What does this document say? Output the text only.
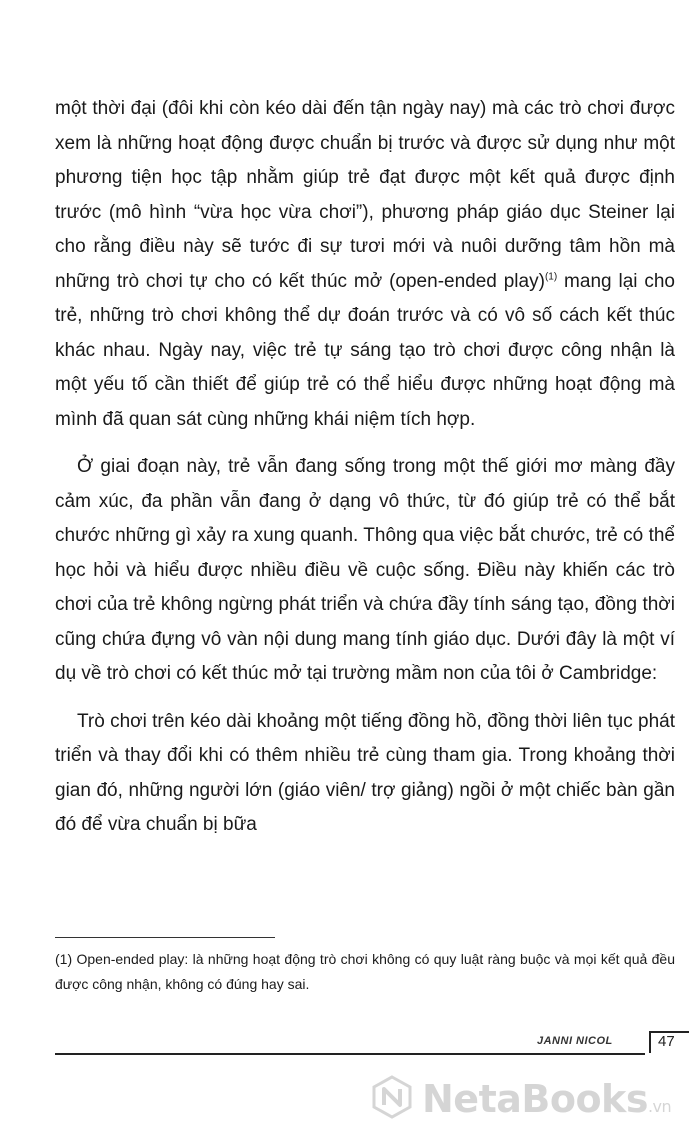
một thời đại (đôi khi còn kéo dài đến tận ngày nay) mà các trò chơi được xem là những hoạt động được chuẩn bị trước và được sử dụng như một phương tiện học tập nhằm giúp trẻ đạt được một kết quả được định trước (mô hình “vừa học vừa chơi”), phương pháp giáo dục Steiner lại cho rằng điều này sẽ tước đi sự tươi mới và nuôi dưỡng tâm hồn mà những trò chơi tự cho có kết thúc mở (open-ended play)$^{(1)}$ mang lại cho trẻ, những trò chơi không thể dự đoán trước và có vô số cách kết thúc khác nhau. Ngày nay, việc trẻ tự sáng tạo trò chơi được công nhận là một yếu tố cần thiết để giúp trẻ có thể hiểu được những hoạt động mà mình đã quan sát cùng những khái niệm tích hợp.

Ở giai đoạn này, trẻ vẫn đang sống trong một thế giới mơ màng đầy cảm xúc, đa phần vẫn đang ở dạng vô thức, từ đó giúp trẻ có thể bắt chước những gì xảy ra xung quanh. Thông qua việc bắt chước, trẻ có thể học hỏi và hiểu được nhiều điều về cuộc sống. Điều này khiến các trò chơi của trẻ không ngừng phát triển và chứa đầy tính sáng tạo, đồng thời cũng chứa đựng vô vàn nội dung mang tính giáo dục. Dưới đây là một ví dụ về trò chơi có kết thúc mở tại trường mầm non của tôi ở Cambridge:

Trò chơi trên kéo dài khoảng một tiếng đồng hồ, đồng thời liên tục phát triển và thay đổi khi có thêm nhiều trẻ cùng tham gia. Trong khoảng thời gian đó, những người lớn (giáo viên/ trợ giảng) ngồi ở một chiếc bàn gần đó để vừa chuẩn bị bữa

(1) Open-ended play: là những hoạt động trò chơi không có quy luật ràng buộc và mọi kết quả đều được công nhận, không có đúng hay sai.

JANNI NICOL	47
NetaBooks.vn
